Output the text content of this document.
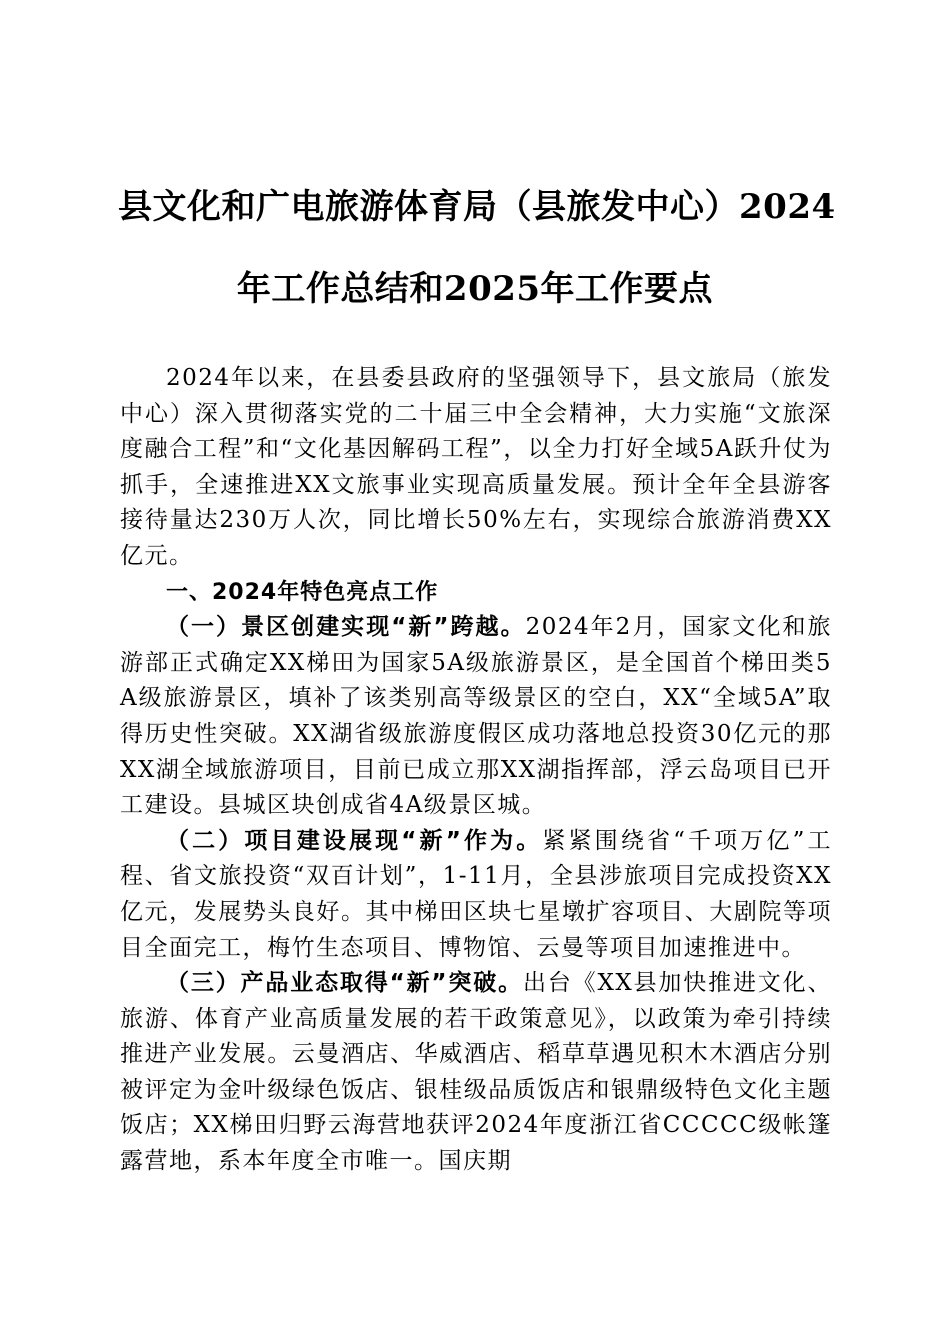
县文化和广电旅游体育局（县旅发中心）2024
年工作总结和2025年工作要点

2024年以来，在县委县政府的坚强领导下，县文旅局（旅发中心）深入贯彻落实党的二十届三中全会精神，大力实施“文旅深度融合工程”和“文化基因解码工程”，以全力打好全域5A跃升仗为抓手，全速推进XX文旅事业实现高质量发展。预计全年全县游客接待量达230万人次，同比增长50%左右，实现综合旅游消费XX亿元。

一、2024年特色亮点工作

（一）景区创建实现“新”跨越。2024年2月，国家文化和旅游部正式确定XX梯田为国家5A级旅游景区，是全国首个梯田类5A级旅游景区，填补了该类别高等级景区的空白，XX“全域5A”取得历史性突破。XX湖省级旅游度假区成功落地总投资30亿元的那XX湖全域旅游项目，目前已成立那XX湖指挥部，浮云岛项目已开工建设。县城区块创成省4A级景区城。

（二）项目建设展现“新”作为。紧紧围绕省“千项万亿”工程、省文旅投资“双百计划”，1-11月，全县涉旅项目完成投资XX亿元，发展势头良好。其中梯田区块七星墩扩容项目、大剧院等项目全面完工，梅竹生态项目、博物馆、云曼等项目加速推进中。

（三）产品业态取得“新”突破。出台《XX县加快推进文化、旅游、体育产业高质量发展的若干政策意见》，以政策为牵引持续推进产业发展。云曼酒店、华威酒店、稻草草遇见积木木酒店分别被评定为金叶级绿色饭店、银桂级品质饭店和银鼎级特色文化主题饭店；XX梯田归野云海营地获评2024年度浙江省CCCCC级帐篷露营地，系本年度全市唯一。国庆期
